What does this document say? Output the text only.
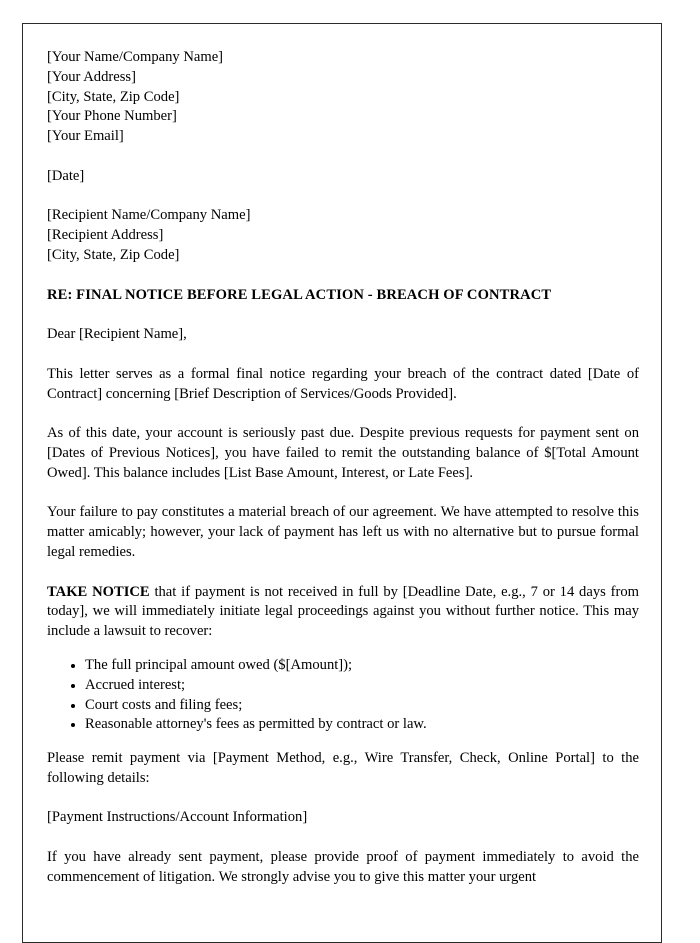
[Your Name/Company Name]
[Your Address]
[City, State, Zip Code]
[Your Phone Number]
[Your Email]
[Date]
[Recipient Name/Company Name]
[Recipient Address]
[City, State, Zip Code]

RE: FINAL NOTICE BEFORE LEGAL ACTION - BREACH OF CONTRACT

Dear [Recipient Name],

This letter serves as a formal final notice regarding your breach of the contract dated [Date of Contract] concerning [Brief Description of Services/Goods Provided].

As of this date, your account is seriously past due. Despite previous requests for payment sent on [Dates of Previous Notices], you have failed to remit the outstanding balance of $[Total Amount Owed]. This balance includes [List Base Amount, Interest, or Late Fees].

Your failure to pay constitutes a material breach of our agreement. We have attempted to resolve this matter amicably; however, your lack of payment has left us with no alternative but to pursue formal legal remedies.

TAKE NOTICE that if payment is not received in full by [Deadline Date, e.g., 7 or 14 days from today], we will immediately initiate legal proceedings against you without further notice. This may include a lawsuit to recover:

• The full principal amount owed ($[Amount]);
• Accrued interest;
• Court costs and filing fees;
• Reasonable attorney's fees as permitted by contract or law.

Please remit payment via [Payment Method, e.g., Wire Transfer, Check, Online Portal] to the following details:

[Payment Instructions/Account Information]

If you have already sent payment, please provide proof of payment immediately to avoid the commencement of litigation. We strongly advise you to give this matter your urgent
